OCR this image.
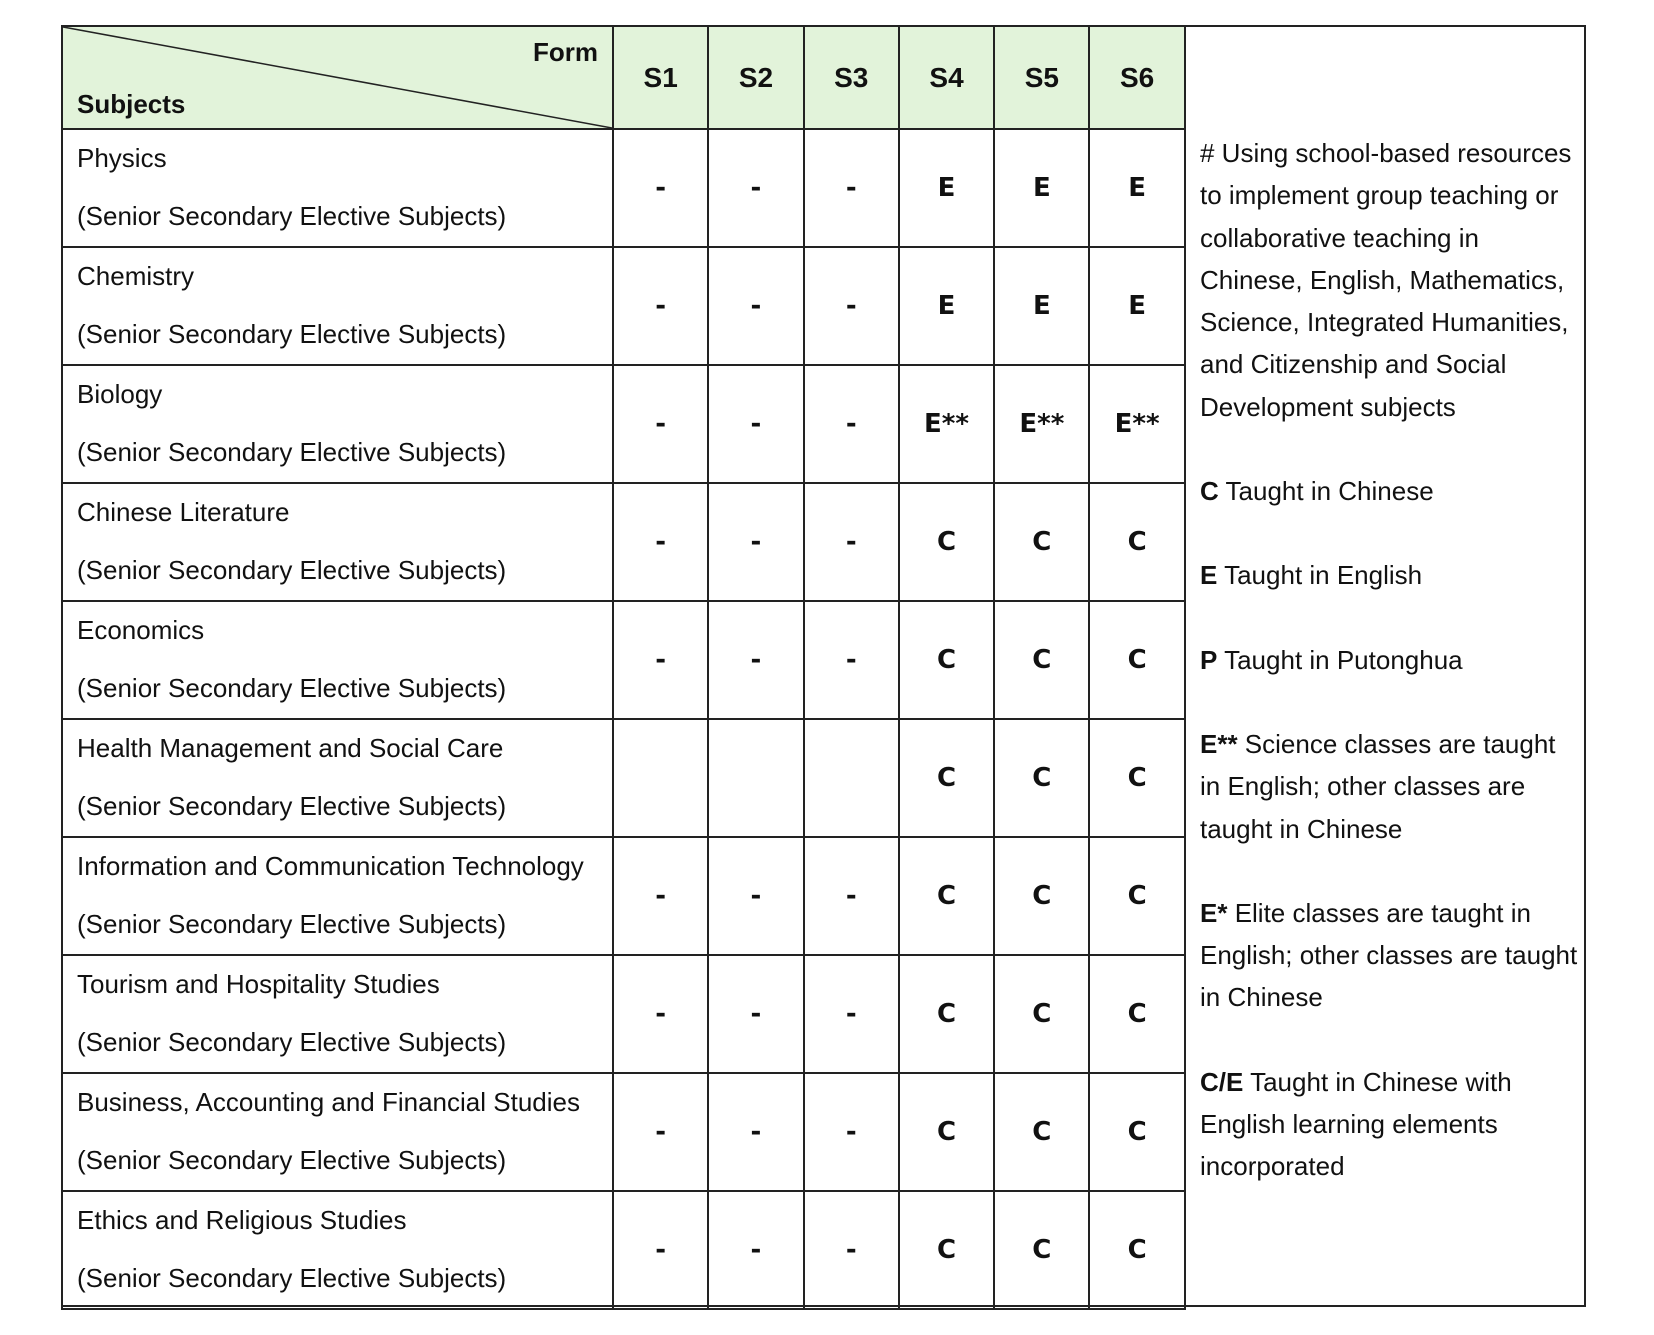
Form
Subjects	S1	S2	S3	S4	S5	S6

Physics
(Senior Secondary Elective Subjects)	-	-	-	E	E	E

Chemistry
(Senior Secondary Elective Subjects)	-	-	-	E	E	E

Biology
(Senior Secondary Elective Subjects)	-	-	-	E**	E**	E**

Chinese Literature
(Senior Secondary Elective Subjects)	-	-	-	C	C	C

Economics
(Senior Secondary Elective Subjects)	-	-	-	C	C	C

Health Management and Social Care
(Senior Secondary Elective Subjects)				C	C	C

Information and Communication Technology
(Senior Secondary Elective Subjects)	-	-	-	C	C	C

Tourism and Hospitality Studies
(Senior Secondary Elective Subjects)	-	-	-	C	C	C

Business, Accounting and Financial Studies
(Senior Secondary Elective Subjects)	-	-	-	C	C	C

Ethics and Religious Studies
(Senior Secondary Elective Subjects)	-	-	-	C	C	C
# Using school-based resources to implement group teaching or collaborative teaching in Chinese, English, Mathematics, Science, Integrated Humanities, and Citizenship and Social Development subjects
C Taught in Chinese
E Taught in English
P Taught in Putonghua
E** Science classes are taught in English; other classes are taught in Chinese
E* Elite classes are taught in English; other classes are taught in Chinese
C/E Taught in Chinese with English learning elements incorporated
